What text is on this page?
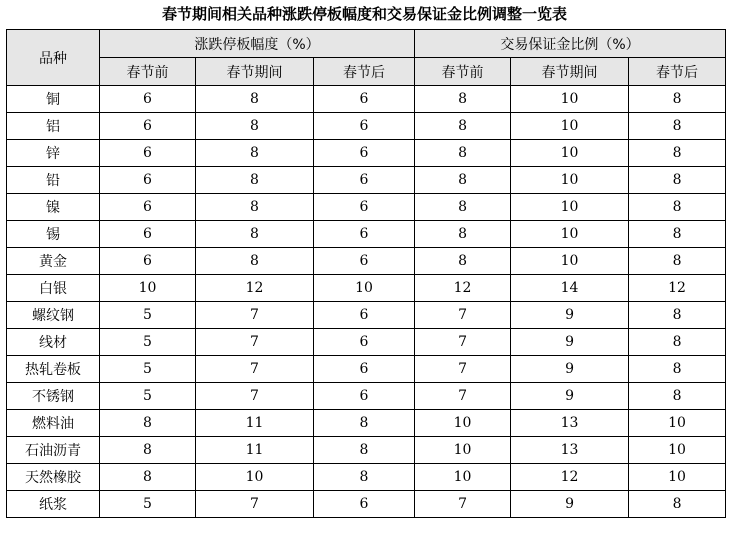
春节期间相关品种涨跌停板幅度和交易保证金比例调整一览表
品种	涨跌停板幅度（%）			交易保证金比例（%）		
	春节前	春节期间	春节后	春节前	春节期间	春节后
铜	6	8	6	8	10	8
铝	6	8	6	8	10	8
锌	6	8	6	8	10	8
铅	6	8	6	8	10	8
镍	6	8	6	8	10	8
锡	6	8	6	8	10	8
黄金	6	8	6	8	10	8
白银	10	12	10	12	14	12
螺纹钢	5	7	6	7	9	8
线材	5	7	6	7	9	8
热轧卷板	5	7	6	7	9	8
不锈钢	5	7	6	7	9	8
燃料油	8	11	8	10	13	10
石油沥青	8	11	8	10	13	10
天然橡胶	8	10	8	10	12	10
纸浆	5	7	6	7	9	8
